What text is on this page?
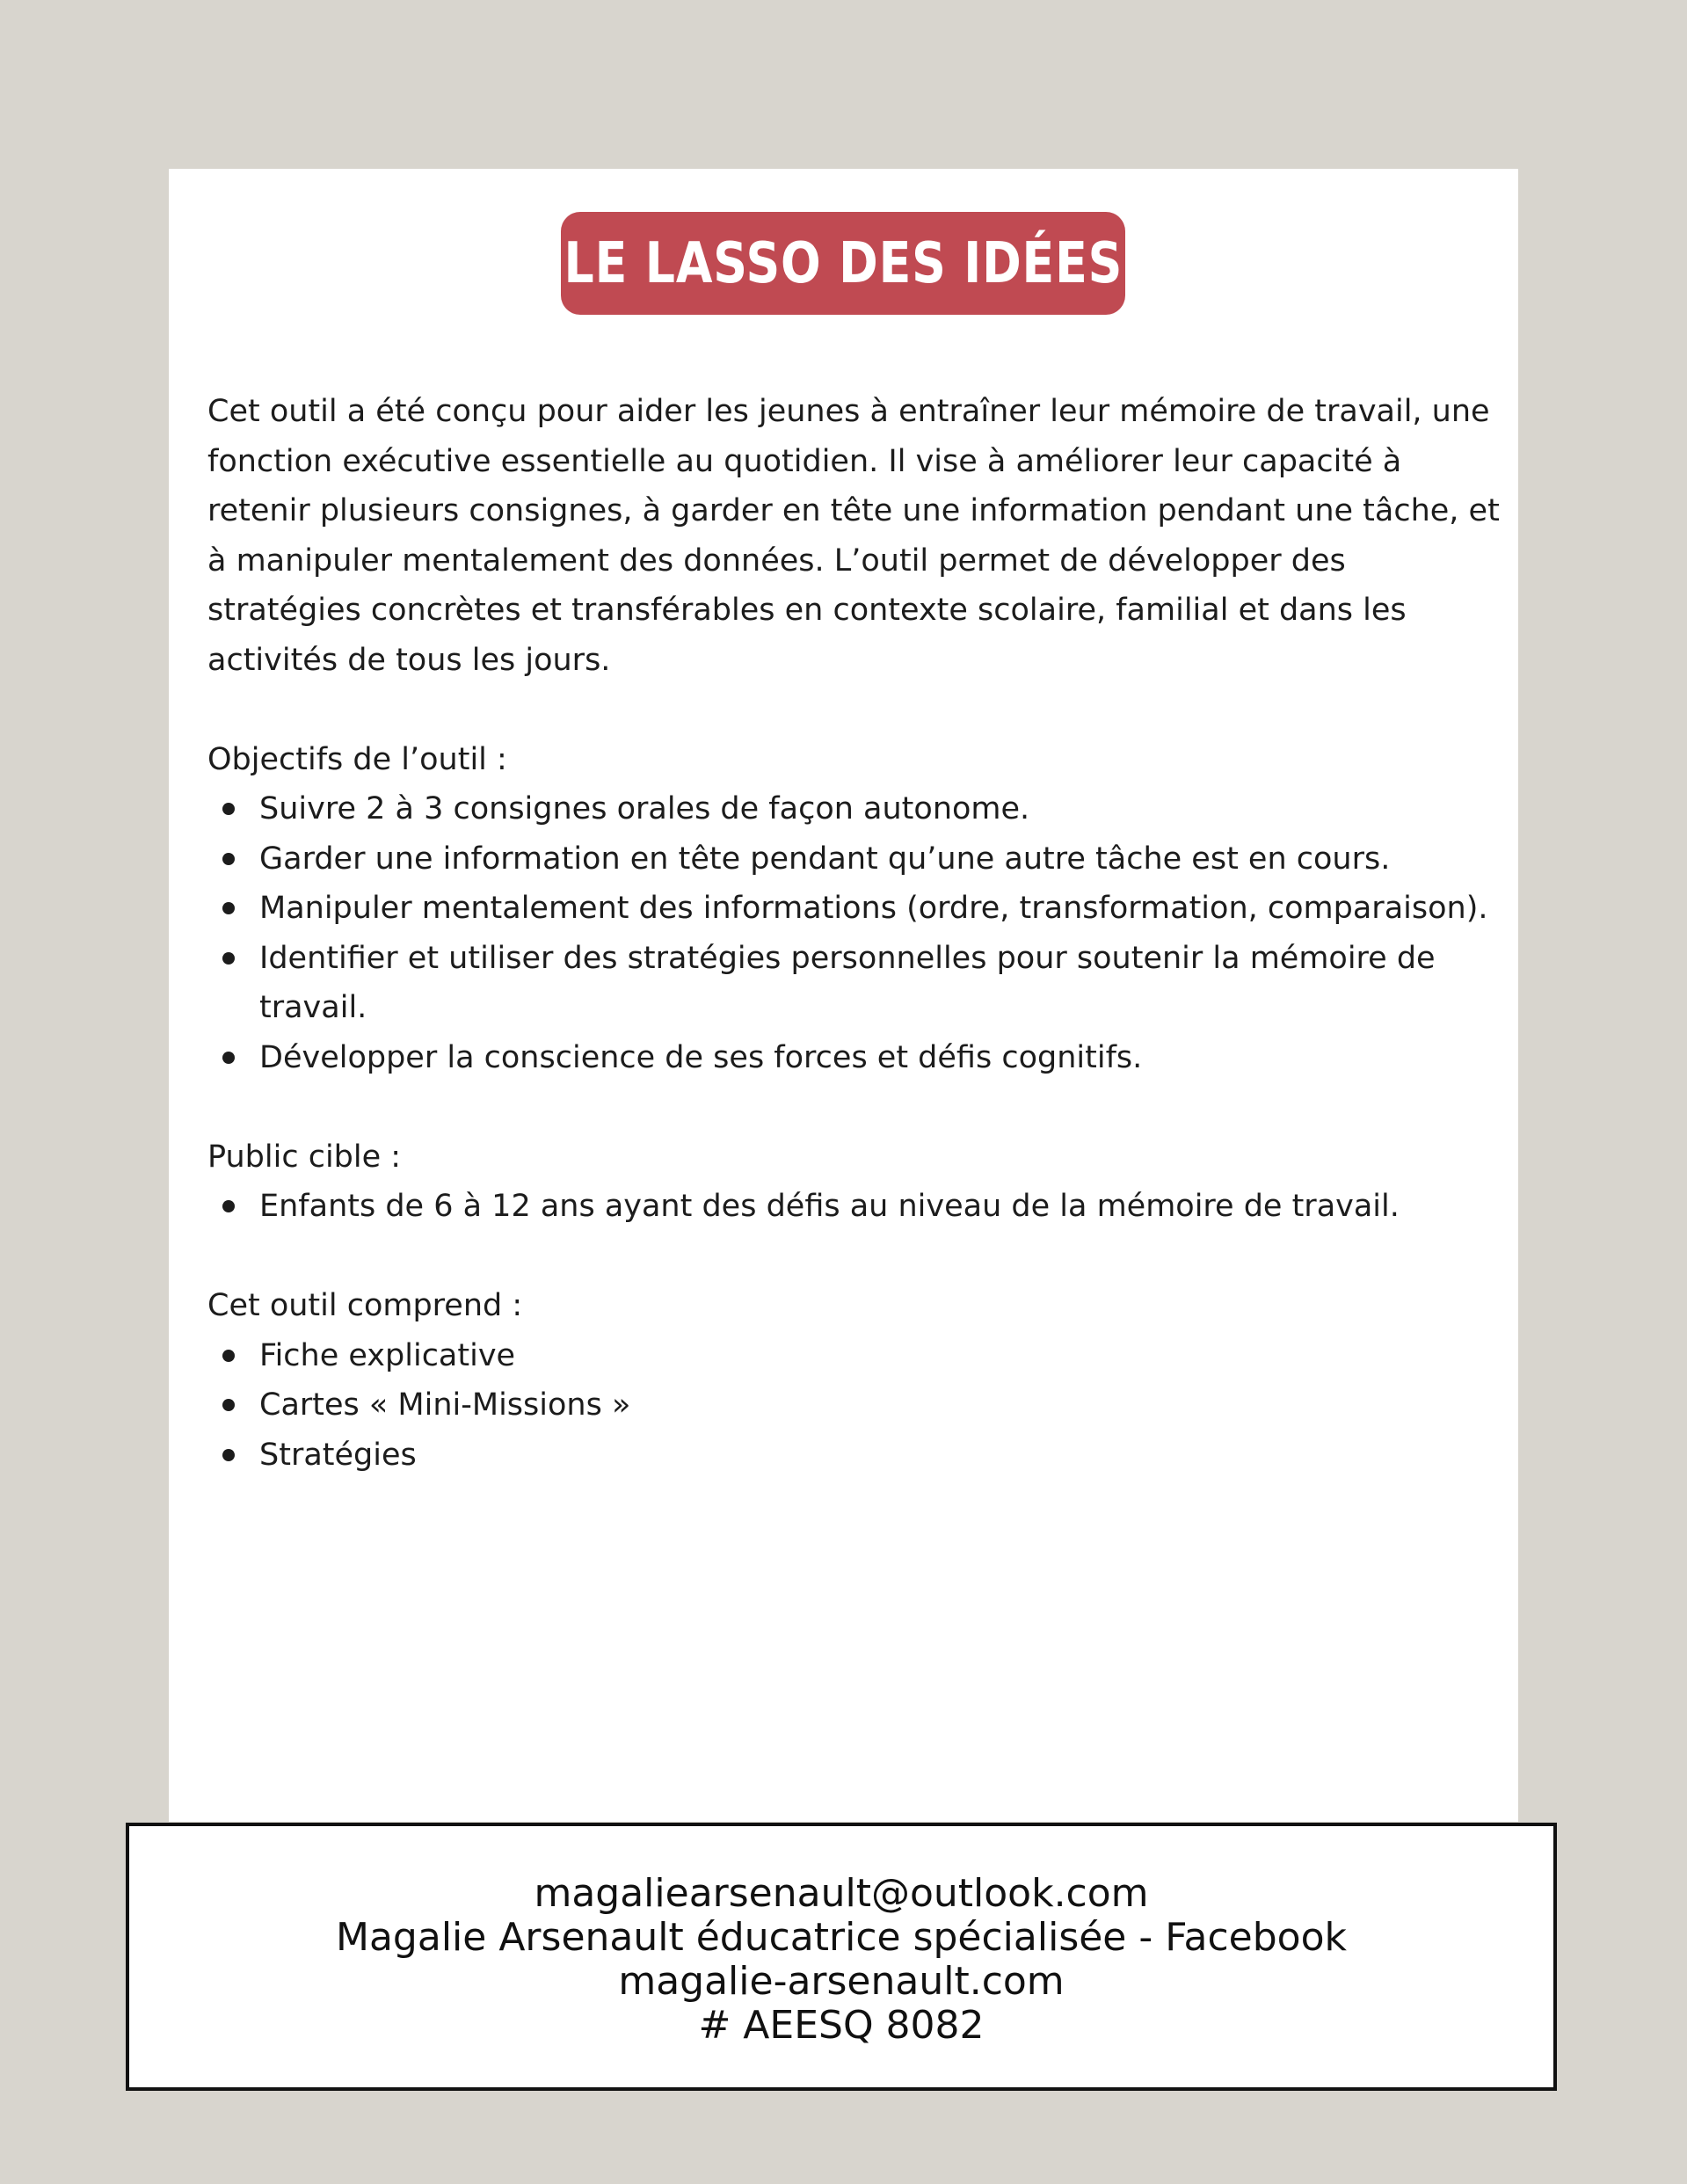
LE LASSO DES IDÉES

Cet outil a été conçu pour aider les jeunes à entraîner leur mémoire de travail, une fonction exécutive essentielle au quotidien. Il vise à améliorer leur capacité à retenir plusieurs consignes, à garder en tête une information pendant une tâche, et à manipuler mentalement des données. L’outil permet de développer des stratégies concrètes et transférables en contexte scolaire, familial et dans les activités de tous les jours.

Objectifs de l’outil :

Suivre 2 à 3 consignes orales de façon autonome.
Garder une information en tête pendant qu’une autre tâche est en cours.
Manipuler mentalement des informations (ordre, transformation, comparaison).
Identifier et utiliser des stratégies personnelles pour soutenir la mémoire de travail.
Développer la conscience de ses forces et défis cognitifs.

Public cible :

Enfants de 6 à 12 ans ayant des défis au niveau de la mémoire de travail.

Cet outil comprend :

Fiche explicative
Cartes « Mini-Missions »
Stratégies
magaliearsenault@outlook.com
Magalie Arsenault éducatrice spécialisée - Facebook
magalie-arsenault.com
# AEESQ 8082
